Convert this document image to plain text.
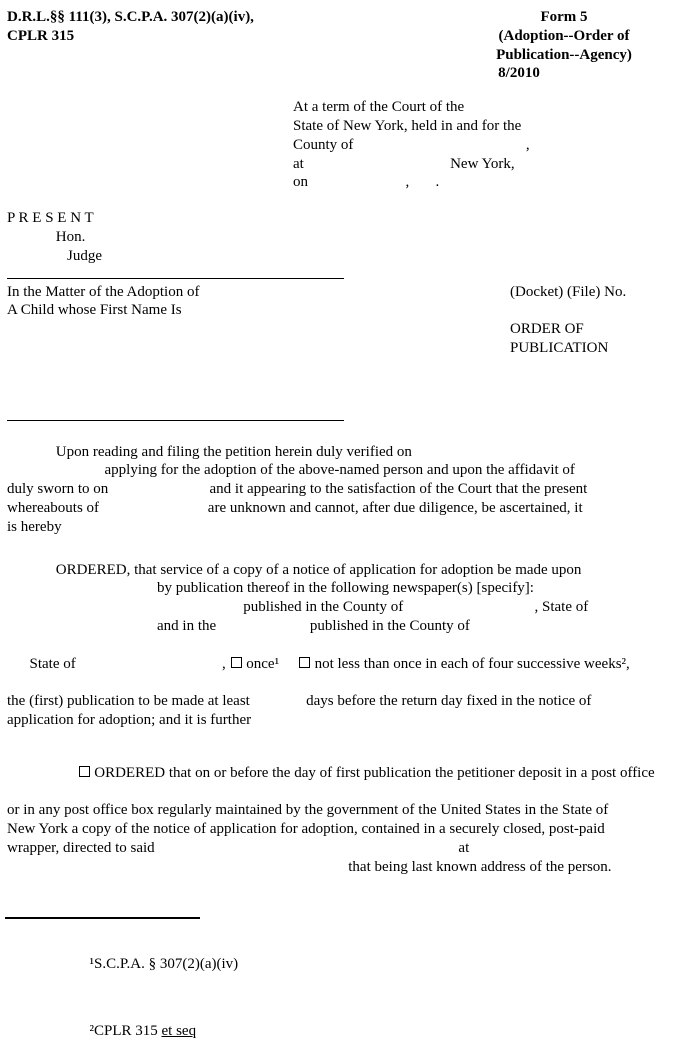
D.R.L.§§ 111(3), S.C.P.A. 307(2)(a)(iv),
CPLR 315
Form 5
(Adoption--Order of
Publication--Agency)
8/2010
At a term of the Court of the
State of New York, held in and for the
County of                                              ,
at                                       New York,
on                          ,       .
P R E S E N T
Hon.
Judge
In the Matter of the Adoption of
A Child whose First Name Is
(Docket) (File) No.
ORDER OF
PUBLICATION
Upon reading and filing the petition herein duly verified on
applying for the adoption of the above-named person and upon the affidavit of
duly sworn to on                           and it appearing to the satisfaction of the Court that the present
whereabouts of                             are unknown and cannot, after due diligence, be ascertained, it
is hereby
ORDERED, that service of a copy of a notice of application for adoption be made upon
by publication thereof in the following newspaper(s) [specify]:
published in the County of                                   , State of
and in the                         published in the County of

State of                                       ,  once¹      not less than once in each of four successive weeks²,

the (first) publication to be made at least               days before the return day fixed in the notice of
application for adoption; and it is further

ORDERED that on or before the day of first publication the petitioner deposit in a post office

or in any post office box regularly maintained by the government of the United States in the State of
New York a copy of the notice of application for adoption, contained in a securely closed, post-paid
wrapper, directed to said                                                                                 at
that being last known address of the person.

¹S.C.P.A. § 307(2)(a)(iv)

²CPLR 315 et seq
